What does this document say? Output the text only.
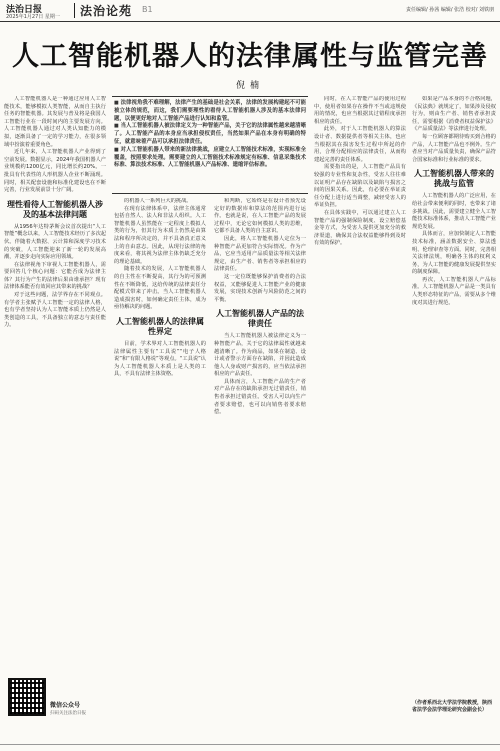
法治日报
2025年1月27日 星期一 法治论苑 B1	责任编辑/ 孙茜 编辑/ 张浩 校对/ 刘铁朋
人工智能机器人的法律属性与监管完善
倪楠

人工智能机器人是一种通过应用人工智能技术，能够模拟人类智能，从而自主执行任务的智能机器。其发展与普及将是我国人工智能行业在一段时间内的主要发展方向。人工智能机器人通过对人类认知能力的模拟，逐渐具备了一定的学习能力，在很多领域中扮演着重要角色。

近几年来，人工智能机器人产业得到了空前发展。数据显示，2024年我国机器人产业规模约1200亿元，同比增长约20%。一批具有代表性的人形机器人企业不断涌现。同时，相关配套设施和标准化建设也在不断完善，行业发展前景十分广阔。

理性看待人工智能机器人涉及的基本法律问题

从1956年达特茅斯会议首次提出“人工智能”概念以来，人工智能技术经历了多次起伏。伴随着大数据、云计算和深度学习技术的突破，人工智能迎来了新一轮的发展高潮，并逐步走向实际应用领域。

在法律视角下审视人工智能机器人，需要回答几个核心问题：它能否成为法律主体？其行为产生的法律后果由谁承担？现有法律体系能否有效回应其带来的挑战？

对于这些问题，法学界存在不同观点。有学者主张赋予人工智能一定的法律人格，也有学者坚持认为人工智能本质上仍然是人类创造的工具，不具备独立的意志与责任能力。

■ 法律视角我不难理解，法律产生的基础是社会关系，法律的发展构建起不可能被立体的规范，而这，我们需要理性的看待人工智能机器人涉及的基本法律问题，以便更好地对人工智能产品进行认知和监管。
■ 当人工智能机器人被法律定义为一种智能产品，关于它的法律属性越来越清晰了。人工智能产品的本身应当承担侵权责任，当然如果产品在本身有明确的特征，就意味着产品可以承担法律责任。
■ 对人工智能机器人带来的新法律挑战，应建立人工智能技术标准，实现标准全覆盖，按照要求处理。需要建立的人工智能技术标准规定有标准、信息采集技术标准、算法技术标准、人工智能机器人产品标准、遗缩评估标准。

的机器人一系列巨大的挑战。

在现有法律体系中，法律主体通常包括自然人、法人和非法人组织。人工智能机器人虽然能在一定程度上模拟人类的行为，但其行为本质上仍然是由算法和程序所决定的，并不具备真正意义上的自由意志。因此，从现行法律的角度来看，将其视为法律主体仍缺乏充分的理论基础。

随着技术的发展，人工智能机器人的自主性在不断提高，其行为的可预测性在不断降低，这给传统的法律责任分配模式带来了冲击。当人工智能机器人造成损害时，如何确定责任主体，成为亟待解决的问题。

人工智能机器人的法律属性界定

目前，学术界对人工智能机器人的法律属性主要有“工具说”“电子人格说”和“有限人格说”等观点。“工具说”认为人工智能机器人本质上是人类的工具，不具有法律主体资格。

和判断，它始终是在设计者预先设定好的数据库和算法的范围内进行运作。也就是说，在人工智能产品的发展过程中，无论它如何模拟人类的思维，它都不具备人类的自主意识。

因此，将人工智能机器人定位为一种智能产品更加符合实际情况。作为产品，它应当适用产品质量法等相关法律规定，由生产者、销售者等承担相应的法律责任。

这一定位既能够保护消费者的合法权益，又能够促进人工智能产业的健康发展，实现技术创新与风险防范之间的平衡。

人工智能机器人产品的法律责任

当人工智能机器人被法律定义为一种智能产品，关于它的法律属性就越来越清晰了。作为商品，如果在制造、设计或者警示方面存在缺陷，并因此造成他人人身或财产损害的，应当依法承担相应的产品责任。

具体而言，人工智能产品的生产者对产品存在的缺陷承担无过错责任，销售者承担过错责任。受害人可以向生产者要求赔偿，也可以向销售者要求赔偿。

同时，在人工智能产品的使用过程中，使用者如果存在操作不当或违规使用的情况，也应当根据其过错程度承担相应的责任。

此外，对于人工智能机器人的算法设计者、数据提供者等相关主体，也应当根据其在损害发生过程中所起的作用，合理分配相应的法律责任，从而构建起完善的责任体系。

需要指出的是，人工智能产品具有较强的专业性和复杂性，受害人往往难以证明产品存在缺陷以及缺陷与损害之间的因果关系。因此，有必要在举证责任分配上进行适当调整，减轻受害人的举证负担。

在具体实践中，可以通过建立人工智能产品的强制保险制度、设立赔偿基金等方式，为受害人提供更加充分的救济渠道，确保其合法权益能够得到及时有效的保护。

如果是产品本身的不合格问题，《民法典》就规定了，如果涉及侵权行为，则由生产者、销售者承担责任，需要根据《消费者权益保护法》《产品质量法》等法律进行处理。

每一位顾客都期待购买到合格的产品，人工智能产品也不例外。生产者应当对产品质量负责，确保产品符合国家标准和行业标准的要求。

人工智能机器人带来的挑战与监管

人工智能机器人的广泛应用，在给社会带来便利的同时，也带来了诸多挑战。因此，需要建立健全人工智能技术标准体系，推动人工智能产业规范发展。

具体而言，应加快制定人工智能技术标准，涵盖数据安全、算法透明、伦理审查等方面。同时，完善相关法律法规，明确各主体的权利义务，为人工智能的健康发展提供坚实的制度保障。

再次，人工智能机器人产品标准。人工智能机器人产品是一类具有人类形态特征的产品，需要从多个维度对其进行规范。

微信公众号
扫码关注法治日报
（作者系西北大学法学院教授，陕西省法学会法学理论研究会副会长）
